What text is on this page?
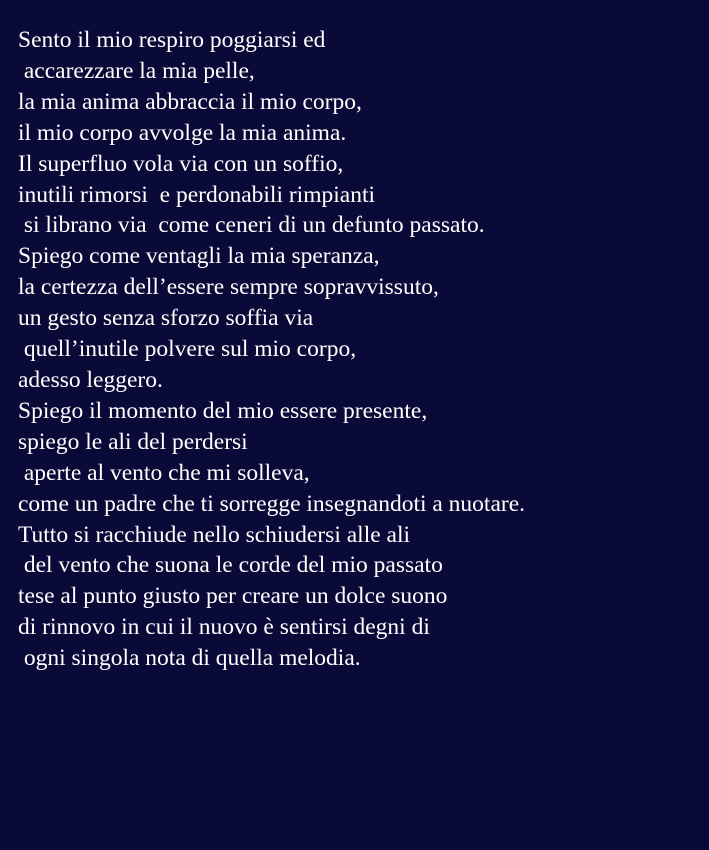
Sento il mio respiro poggiarsi ed
accarezzare la mia pelle,
la mia anima abbraccia il mio corpo,
il mio corpo avvolge la mia anima.
Il superfluo vola via con un soffio,
inutili rimorsi  e perdonabili rimpianti
si librano via  come ceneri di un defunto passato.
Spiego come ventagli la mia speranza,
la certezza dell’essere sempre sopravvissuto,
un gesto senza sforzo soffia via
quell’inutile polvere sul mio corpo,
adesso leggero.
Spiego il momento del mio essere presente,
spiego le ali del perdersi
aperte al vento che mi solleva,
come un padre che ti sorregge insegnandoti a nuotare.
Tutto si racchiude nello schiudersi alle ali
del vento che suona le corde del mio passato
tese al punto giusto per creare un dolce suono
di rinnovo in cui il nuovo è sentirsi degni di
ogni singola nota di quella melodia.
